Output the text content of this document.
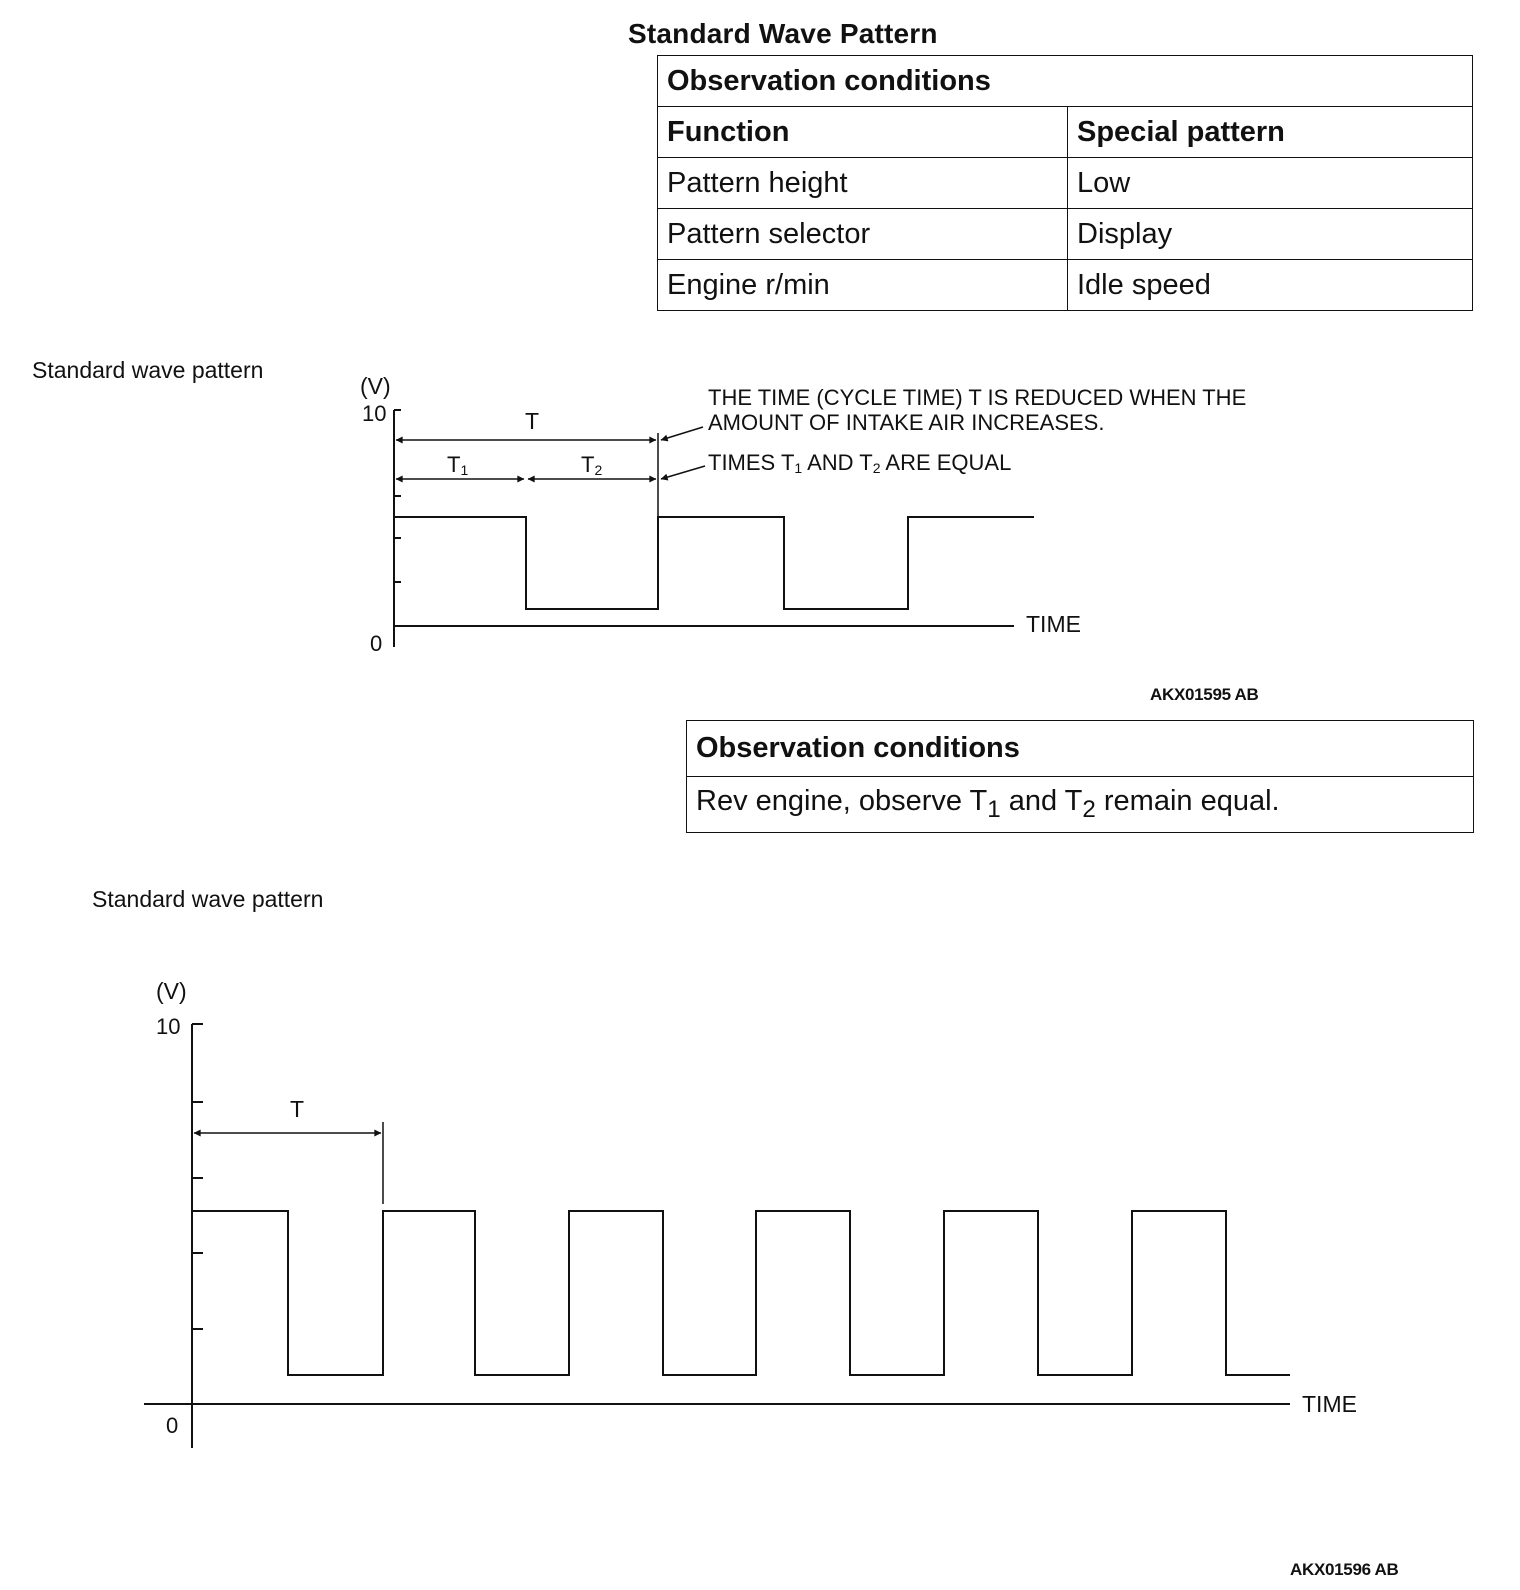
Standard Wave Pattern
Observation conditions	
Function	Special pattern
Pattern height	Low
Pattern selector	Display
Engine r/min	Idle speed
Observation conditions
Rev engine, observe $T_1$ and $T_2$ remain equal.
Standard wave pattern
Standard wave pattern
(V)
10
0
TIME
T
T1	T2
THE TIME (CYCLE TIME) T IS REDUCED WHEN THE
AMOUNT OF INTAKE AIR INCREASES.
TIMES T1 AND T2 ARE EQUAL
AKX01595 AB
(V)
10
0
TIME
T
AKX01596 AB
